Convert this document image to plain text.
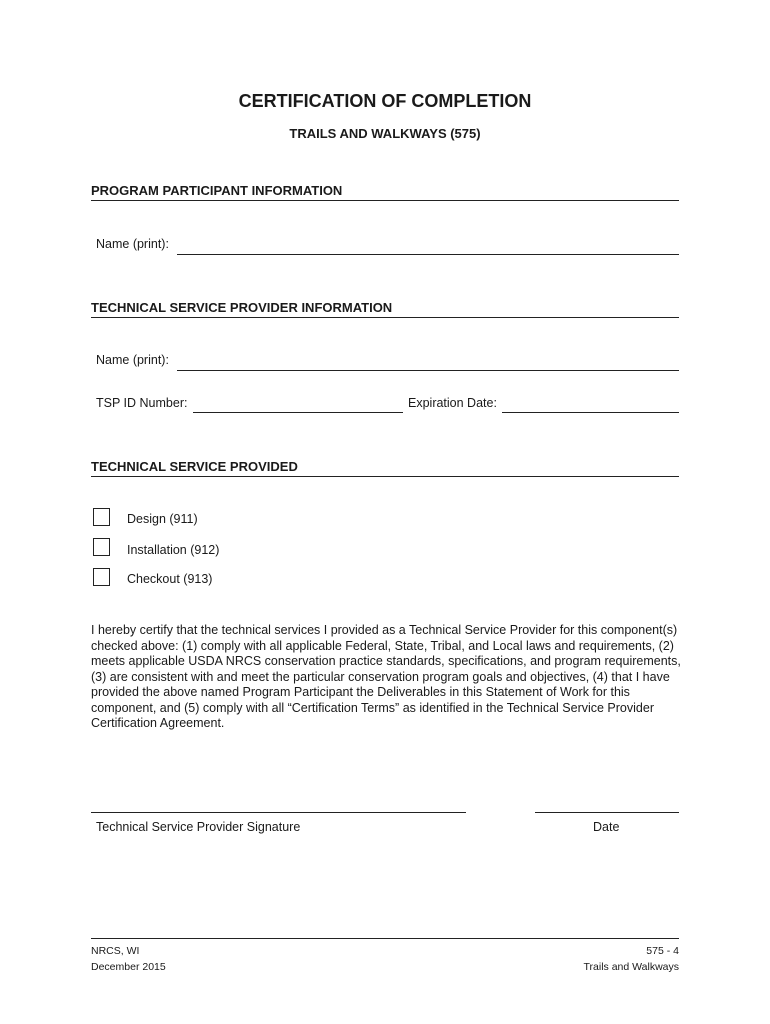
CERTIFICATION OF COMPLETION
TRAILS AND WALKWAYS (575)
PROGRAM PARTICIPANT INFORMATION
Name (print):
TECHNICAL SERVICE PROVIDER INFORMATION
Name (print):
TSP ID Number:	Expiration Date:
TECHNICAL SERVICE PROVIDED
Design (911)
Installation (912)
Checkout (913)
I hereby certify that the technical services I provided as a Technical Service Provider for this component(s) checked above: (1) comply with all applicable Federal, State, Tribal, and Local laws and requirements, (2) meets applicable USDA NRCS conservation practice standards, specifications, and program requirements, (3) are consistent with and meet the particular conservation program goals and objectives, (4) that I have provided the above named Program Participant the Deliverables in this Statement of Work for this component, and (5) comply with all “Certification Terms” as identified in the Technical Service Provider Certification Agreement.
Technical Service Provider Signature	Date
NRCS, WI
December 2015
575 - 4
Trails and Walkways
